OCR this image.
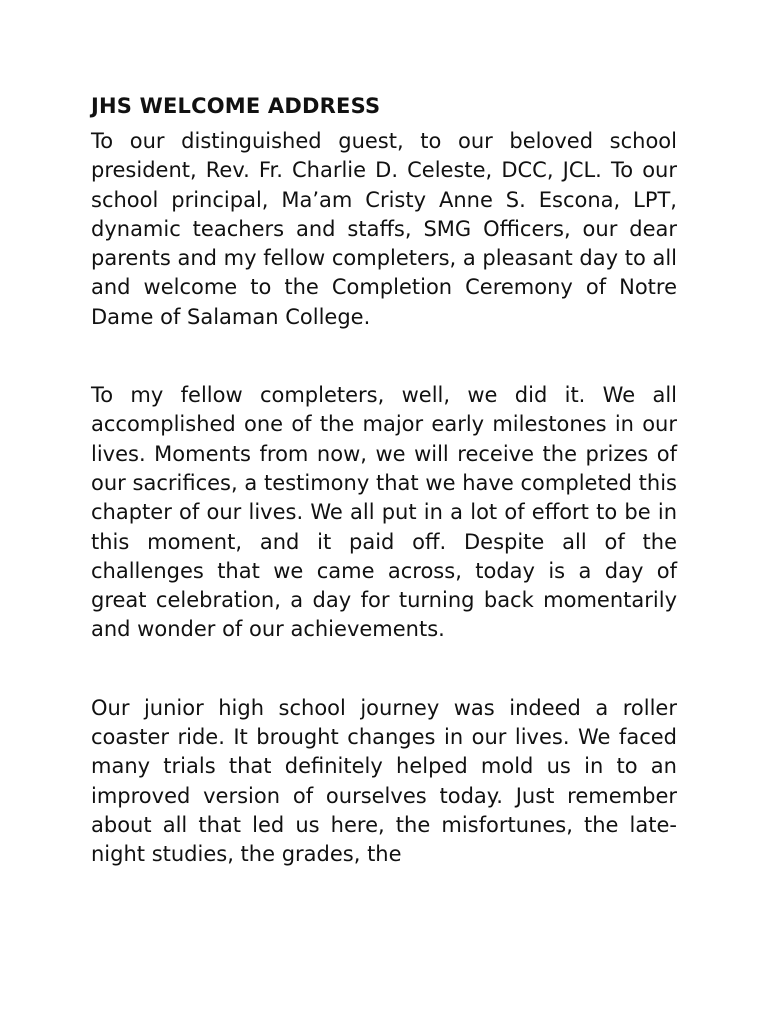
JHS WELCOME ADDRESS

To our distinguished guest, to our beloved school president, Rev. Fr. Charlie D. Celeste, DCC, JCL. To our school principal, Ma’am Cristy Anne S. Escona, LPT, dynamic teachers and staffs, SMG Officers, our dear parents and my fellow completers, a pleasant day to all and welcome to the Completion Ceremony of Notre Dame of Salaman College.

To my fellow completers, well, we did it. We all accomplished one of the major early milestones in our lives. Moments from now, we will receive the prizes of our sacrifices, a testimony that we have completed this chapter of our lives. We all put in a lot of effort to be in this moment, and it paid off. Despite all of the challenges that we came across, today is a day of great celebration, a day for turning back momentarily and wonder of our achievements.

Our junior high school journey was indeed a roller coaster ride. It brought changes in our lives. We faced many trials that definitely helped mold us in to an improved version of ourselves today. Just remember about all that led us here, the misfortunes, the late-night studies, the grades, the
